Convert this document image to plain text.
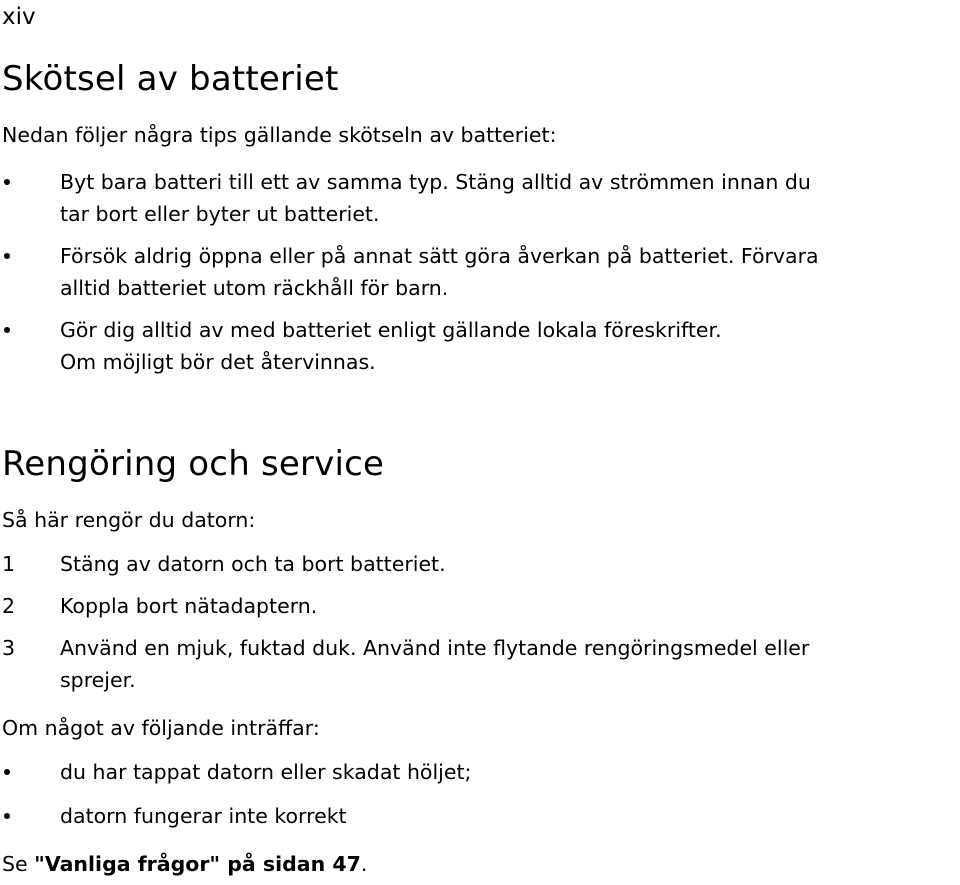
xiv

Skötsel av batteriet

Nedan följer några tips gällande skötseln av batteriet:

Byt bara batteri till ett av samma typ. Stäng alltid av strömmen innan du
tar bort eller byter ut batteriet.
Försök aldrig öppna eller på annat sätt göra åverkan på batteriet. Förvara
alltid batteriet utom räckhåll för barn.
Gör dig alltid av med batteriet enligt gällande lokala föreskrifter.
Om möjligt bör det återvinnas.
Rengöring och service

Så här rengör du datorn:

1	Stäng av datorn och ta bort batteriet.
2	Koppla bort nätadaptern.
3	Använd en mjuk, fuktad duk. Använd inte flytande rengöringsmedel eller
sprejer.

Om något av följande inträffar:

du har tappat datorn eller skadat höljet;
datorn fungerar inte korrekt

Se "Vanliga frågor" på sidan 47.
